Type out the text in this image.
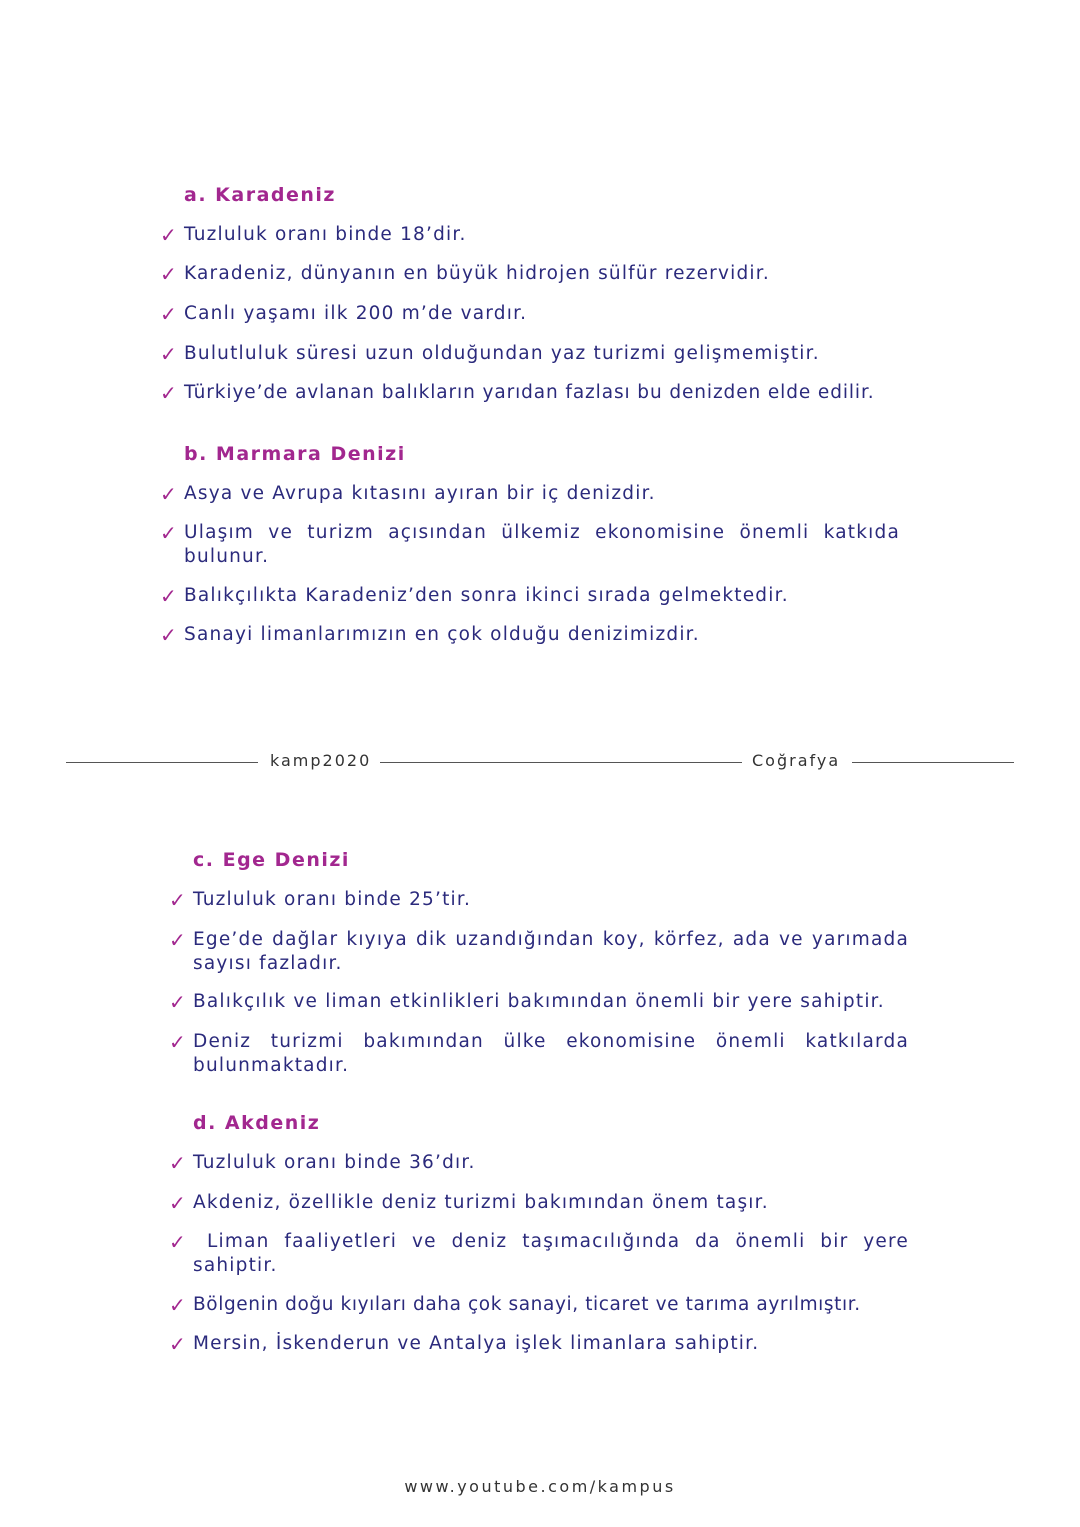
a. Karadeniz
✓ Tuzluluk oranı binde 18’dir.
✓ Karadeniz, dünyanın en büyük hidrojen sülfür rezervidir.
✓ Canlı yaşamı ilk 200 m’de vardır.
✓ Bulutluluk süresi uzun olduğundan yaz turizmi gelişmemiştir.
✓ Türkiye’de avlanan balıkların yarıdan fazlası bu denizden elde edilir.
b. Marmara Denizi
✓ Asya ve Avrupa kıtasını ayıran bir iç denizdir.
✓ Ulaşım ve turizm açısından ülkemiz ekonomisine önemli katkıda bulunur.
✓ Balıkçılıkta Karadeniz’den sonra ikinci sırada gelmektedir.
✓ Sanayi limanlarımızın en çok olduğu denizimizdir.
kamp2020	Coğrafya
c. Ege Denizi
✓ Tuzluluk oranı binde 25’tir.
✓ Ege’de dağlar kıyıya dik uzandığından koy, körfez, ada ve yarımada sayısı fazladır.
✓ Balıkçılık ve liman etkinlikleri bakımından önemli bir yere sahiptir.
✓ Deniz turizmi bakımından ülke ekonomisine önemli katkılarda bulunmaktadır.
d. Akdeniz
✓ Tuzluluk oranı binde 36’dır.
✓ Akdeniz, özellikle deniz turizmi bakımından önem taşır.
✓	Liman faaliyetleri ve deniz taşımacılığında da önemli bir yere sahiptir.
✓ Bölgenin doğu kıyıları daha çok sanayi, ticaret ve tarıma ayrılmıştır.
✓ Mersin, İskenderun ve Antalya işlek limanlara sahiptir.
www.youtube.com/kampus
